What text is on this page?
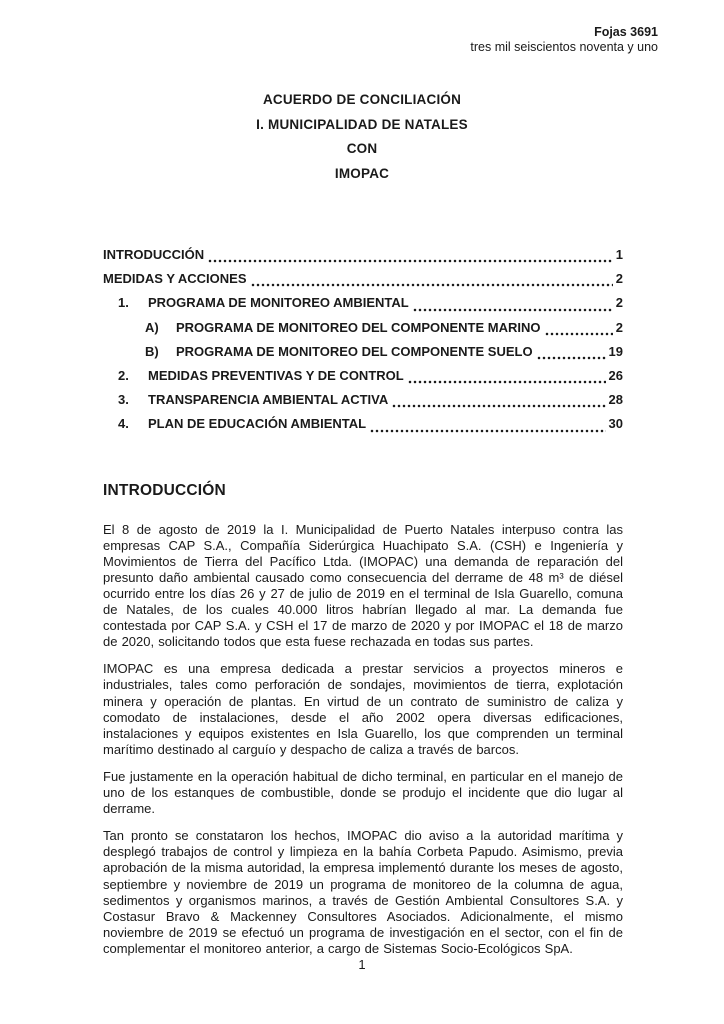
Fojas 3691
tres mil seiscientos noventa y uno
ACUERDO DE CONCILIACIÓN
I. MUNICIPALIDAD DE NATALES
CON
IMOPAC
INTRODUCCIÓN	1
MEDIDAS Y ACCIONES	2
1.	PROGRAMA DE MONITOREO AMBIENTAL	2
A)	PROGRAMA DE MONITOREO DEL COMPONENTE MARINO	2
B)	PROGRAMA DE MONITOREO DEL COMPONENTE SUELO	19
2.	MEDIDAS PREVENTIVAS Y DE CONTROL	26
3.	TRANSPARENCIA AMBIENTAL ACTIVA	28
4.	PLAN DE EDUCACIÓN AMBIENTAL	30
INTRODUCCIÓN

El 8 de agosto de 2019 la I. Municipalidad de Puerto Natales interpuso contra las empresas CAP S.A., Compañía Siderúrgica Huachipato S.A. (CSH) e Ingeniería y Movimientos de Tierra del Pacífico Ltda. (IMOPAC) una demanda de reparación del presunto daño ambiental causado como consecuencia del derrame de 48 m³ de diésel ocurrido entre los días 26 y 27 de julio de 2019 en el terminal de Isla Guarello, comuna de Natales, de los cuales 40.000 litros habrían llegado al mar. La demanda fue contestada por CAP S.A. y CSH el 17 de marzo de 2020 y por IMOPAC el 18 de marzo de 2020, solicitando todos que esta fuese rechazada en todas sus partes.

IMOPAC es una empresa dedicada a prestar servicios a proyectos mineros e industriales, tales como perforación de sondajes, movimientos de tierra, explotación minera y operación de plantas. En virtud de un contrato de suministro de caliza y comodato de instalaciones, desde el año 2002 opera diversas edificaciones, instalaciones y equipos existentes en Isla Guarello, los que comprenden un terminal marítimo destinado al carguío y despacho de caliza a través de barcos.

Fue justamente en la operación habitual de dicho terminal, en particular en el manejo de uno de los estanques de combustible, donde se produjo el incidente que dio lugar al derrame.

Tan pronto se constataron los hechos, IMOPAC dio aviso a la autoridad marítima y desplegó trabajos de control y limpieza en la bahía Corbeta Papudo. Asimismo, previa aprobación de la misma autoridad, la empresa implementó durante los meses de agosto, septiembre y noviembre de 2019 un programa de monitoreo de la columna de agua, sedimentos y organismos marinos, a través de Gestión Ambiental Consultores S.A. y Costasur Bravo & Mackenney Consultores Asociados. Adicionalmente, el mismo noviembre de 2019 se efectuó un programa de investigación en el sector, con el fin de complementar el monitoreo anterior, a cargo de Sistemas Socio-Ecológicos SpA.

1
